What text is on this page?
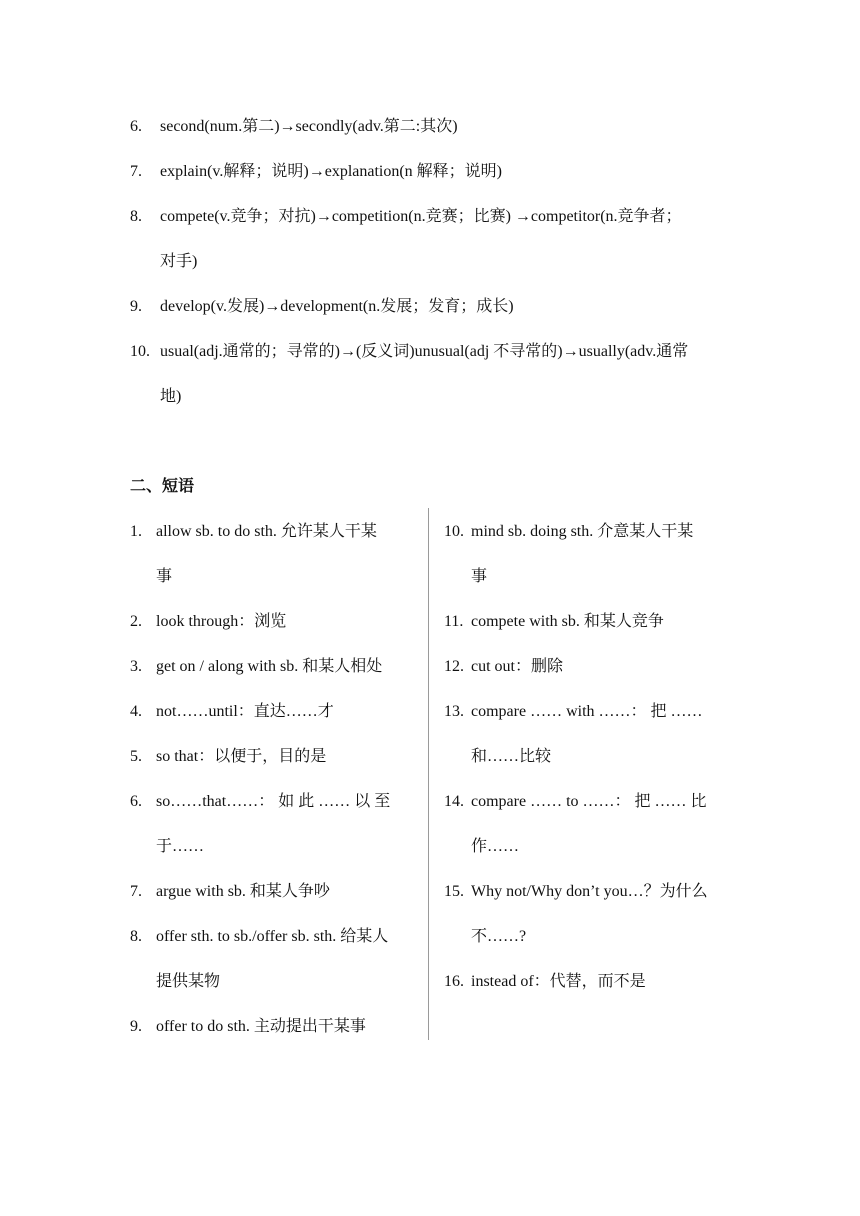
6. second(num.第二)→secondly(adv.第二:其次)
7. explain(v.解释；说明)→explanation(n 解释；说明)
8. compete(v.竞争；对抗)→competition(n.竞赛；比赛) →competitor(n.竞争者；
对手)
9. develop(v.发展)→development(n.发展；发育；成长)
10. usual(adj.通常的；寻常的)→(反义词)unusual(adj 不寻常的)→usually(adv.通常
地)
二、短语
1. allow sb. to do sth. 允许某人干某
事
2. look through：浏览
3. get on / along with sb. 和某人相处
4. not……until：直达……才
5. so that：以便于，目的是
6. so……that……： 如 此 …… 以 至
于……
7. argue with sb. 和某人争吵
8. offer sth. to sb./offer sb. sth. 给某人
提供某物
9. offer to do sth. 主动提出干某事
10. mind sb. doing sth. 介意某人干某
事
11. compete with sb. 和某人竞争
12. cut out：删除
13. compare …… with ……： 把 ……
和……比较
14. compare …… to ……： 把 …… 比
作……
15. Why not/Why don’t you…？为什么
不……?
16. instead of：代替，而不是
